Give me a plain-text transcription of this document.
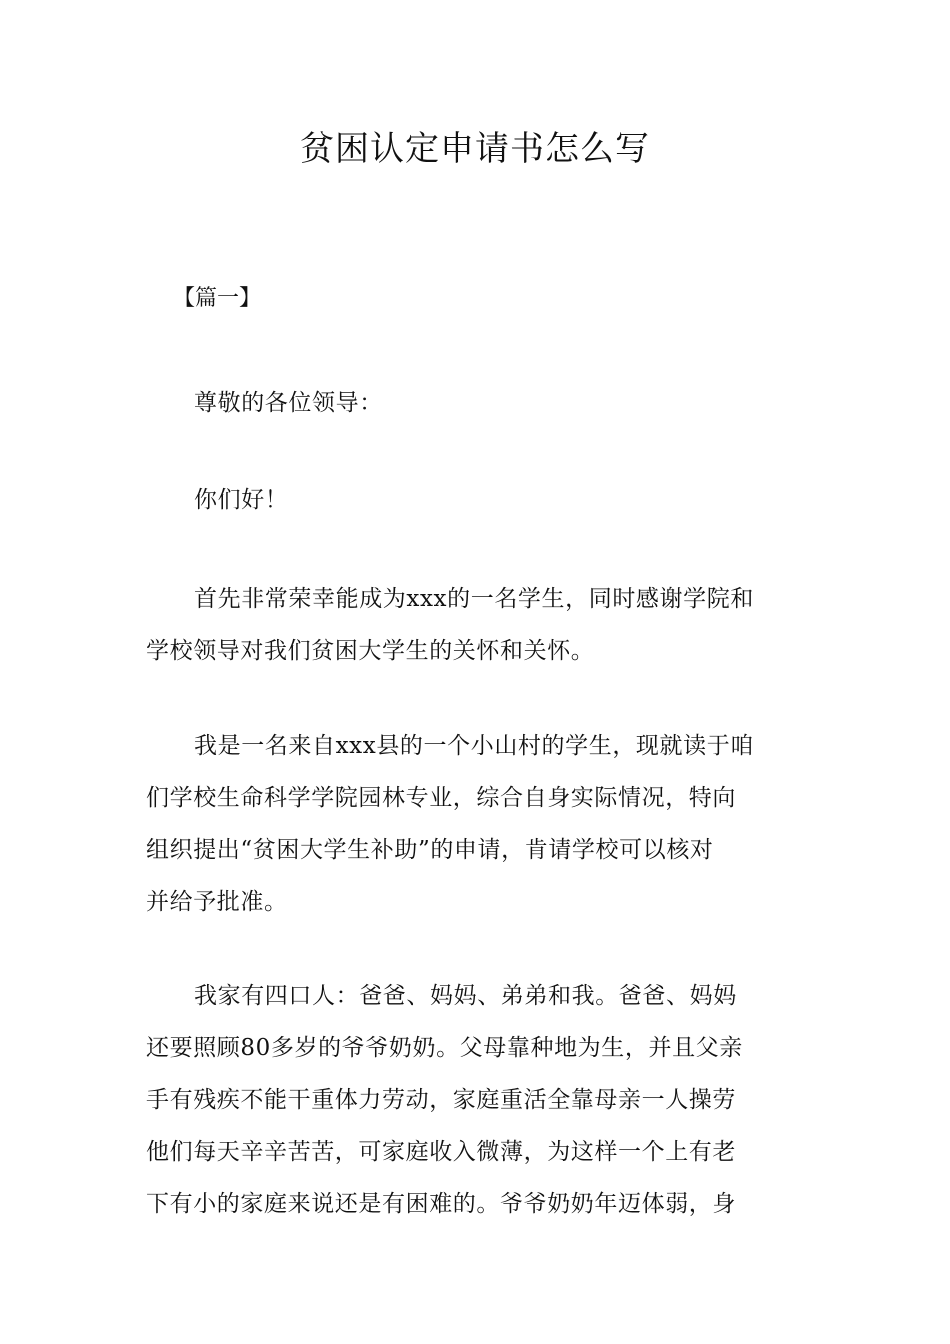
贫困认定申请书怎么写
【篇一】
尊敬的各位领导：
你们好！
首先非常荣幸能成为xxx的一名学生，同时感谢学院和
学校领导对我们贫困大学生的关怀和关怀。
我是一名来自xxx县的一个小山村的学生，现就读于咱
们学校生命科学学院园林专业，综合自身实际情况，特向
组织提出“贫困大学生补助”的申请，肯请学校可以核对
并给予批准。
我家有四口人：爸爸、妈妈、弟弟和我。爸爸、妈妈
还要照顾80多岁的爷爷奶奶。父母靠种地为生，并且父亲
手有残疾不能干重体力劳动，家庭重活全靠母亲一人操劳
他们每天辛辛苦苦，可家庭收入微薄，为这样一个上有老
下有小的家庭来说还是有困难的。爷爷奶奶年迈体弱，身
